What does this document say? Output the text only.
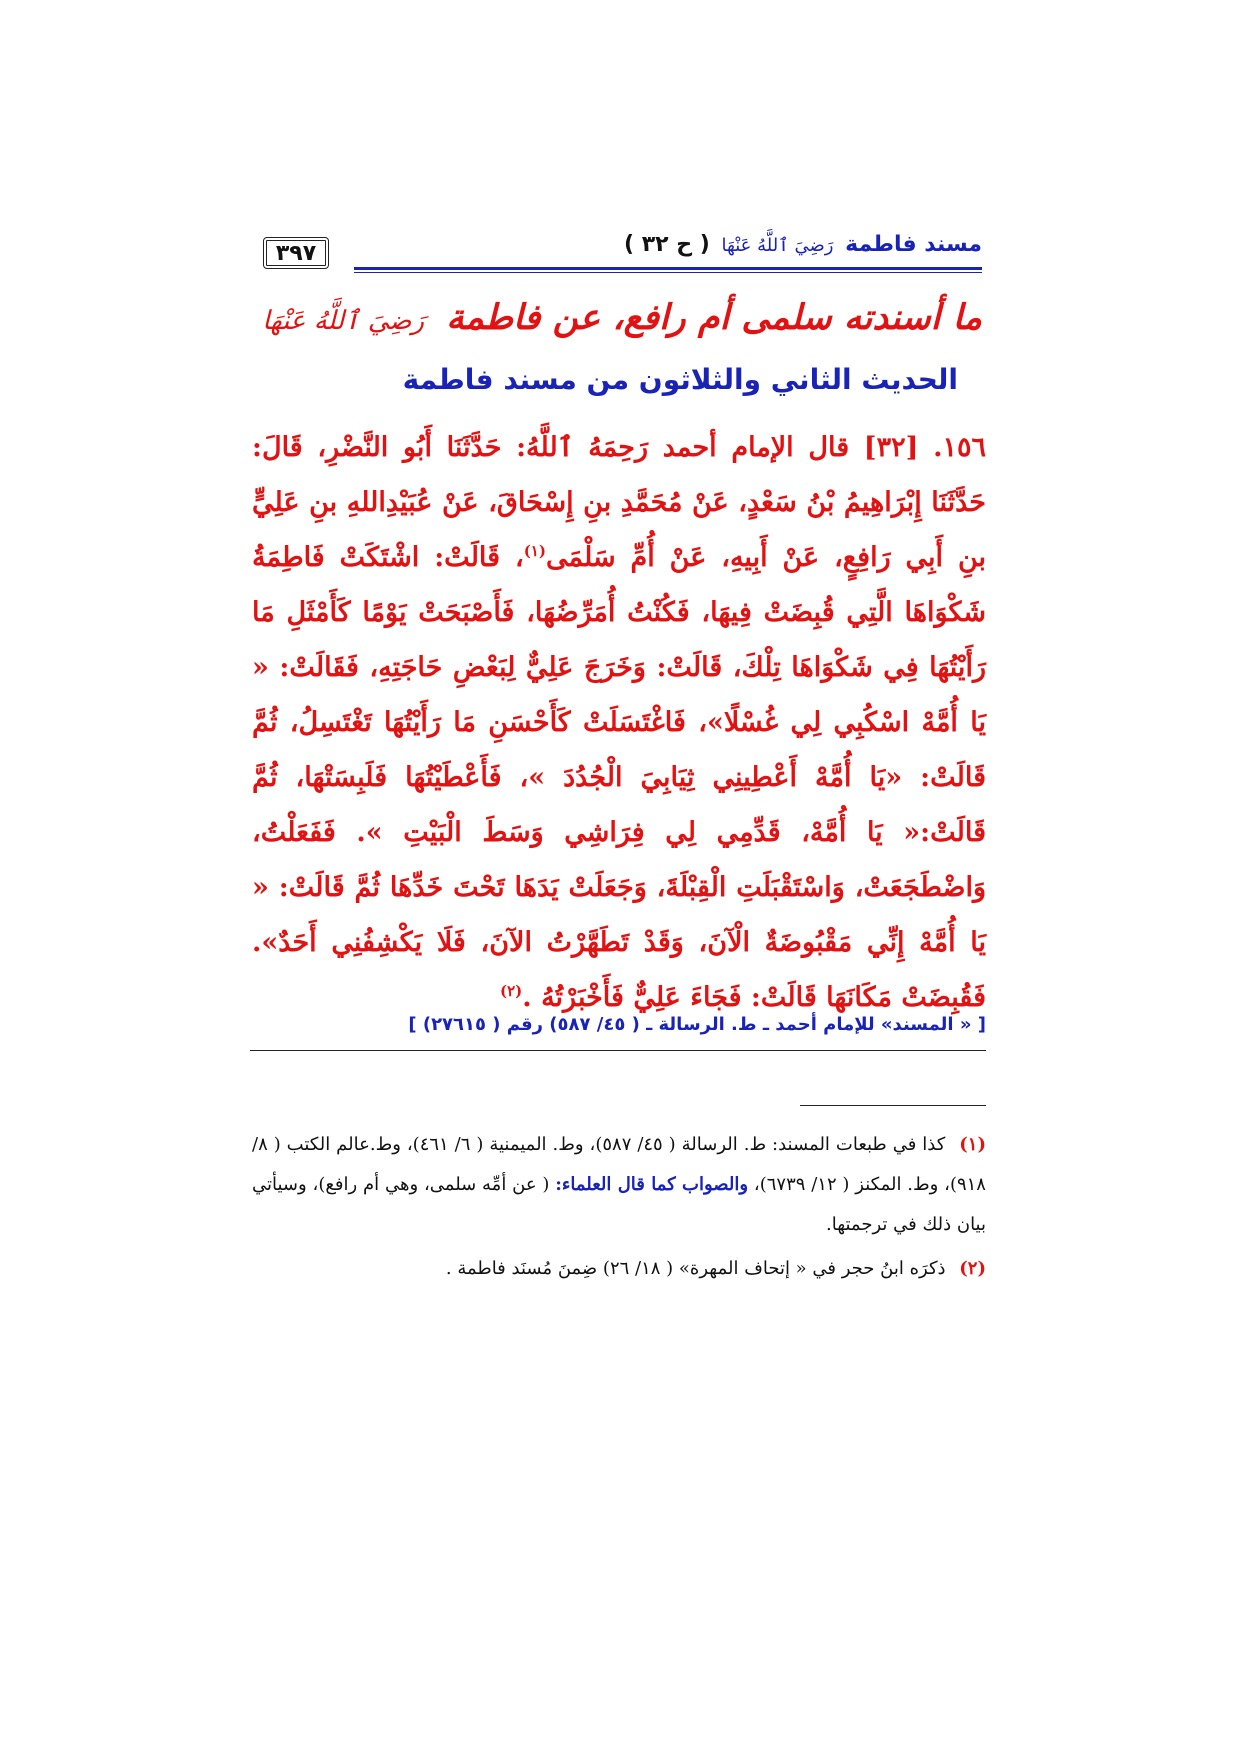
٣٩٧	مسند فاطمة رَضِيَ ٱللَّهُ عَنْهَا ( ح ٣٢ )
ما أسندته سلمى أم رافع، عن فاطمة رَضِيَ ٱللَّهُ عَنْهَا
الحديث الثاني والثلاثون من مسند فاطمة
١٥٦. [٣٢] قال الإمام أحمد رَحِمَهُ ٱللَّهُ: حَدَّثَنَا أَبُو النَّضْرِ، قَالَ: حَدَّثَنَا إِبْرَاهِيمُ بْنُ سَعْدٍ، عَنْ مُحَمَّدِ بنِ إِسْحَاقَ، عَنْ عُبَيْدِاللهِ بنِ عَلِيٍّ بنِ أَبِي رَافِعٍ، عَنْ أَبِيهِ، عَنْ أُمِّ سَلْمَى$^{(١)}$، قَالَتْ: اشْتَكَتْ فَاطِمَةُ شَكْوَاهَا الَّتِي قُبِضَتْ فِيهَا، فَكُنْتُ أُمَرِّضُهَا، فَأَصْبَحَتْ يَوْمًا كَأَمْثَلِ مَا رَأَيْتُهَا فِي شَكْوَاهَا تِلْكَ، قَالَتْ: وَخَرَجَ عَلِيٌّ لِبَعْضِ حَاجَتِهِ، فَقَالَتْ: « يَا أُمَّهْ اسْكُبِي لِي غُسْلًا»، فَاغْتَسَلَتْ كَأَحْسَنِ مَا رَأَيْتُهَا تَغْتَسِلُ، ثُمَّ قَالَتْ: «يَا أُمَّهْ أَعْطِينِي ثِيَابِيَ الْجُدُدَ »، فَأَعْطَيْتُهَا فَلَبِسَتْهَا، ثُمَّ قَالَتْ:« يَا أُمَّهْ، قَدِّمِي لِي فِرَاشِي وَسَطَ الْبَيْتِ ». فَفَعَلْتُ، وَاضْطَجَعَتْ، وَاسْتَقْبَلَتِ الْقِبْلَةَ، وَجَعَلَتْ يَدَهَا تَحْتَ خَدِّهَا ثُمَّ قَالَتْ: « يَا أُمَّهْ إِنِّي مَقْبُوضَةٌ الْآنَ، وَقَدْ تَطَهَّرْتُ الآنَ، فَلَا يَكْشِفُنِي أَحَدٌ». فَقُبِضَتْ مَكَانَهَا قَالَتْ: فَجَاءَ عَلِيٌّ فَأَخْبَرْتُهُ .$^{(٢)}$
[ « المسند» للإمام أحمد ـ ط. الرسالة ـ ( ٤٥/ ٥٨٧) رقم ( ٢٧٦١٥) ]

(١) كذا في طبعات المسند: ط. الرسالة ( ٤٥/ ٥٨٧)، وط. الميمنية ( ٦/ ٤٦١)، وط.عالم الكتب ( ٨/ ٩١٨)، وط. المكنز ( ١٢/ ٦٧٣٩)، والصواب كما قال العلماء: ( عن أمِّه سلمى، وهي أم رافع)، وسيأتي بيان ذلك في ترجمتها.

(٢) ذكرَه ابنُ حجر في « إتحاف المهرة» ( ١٨/ ٢٦) ضِمنَ مُسنَد فاطمة .
